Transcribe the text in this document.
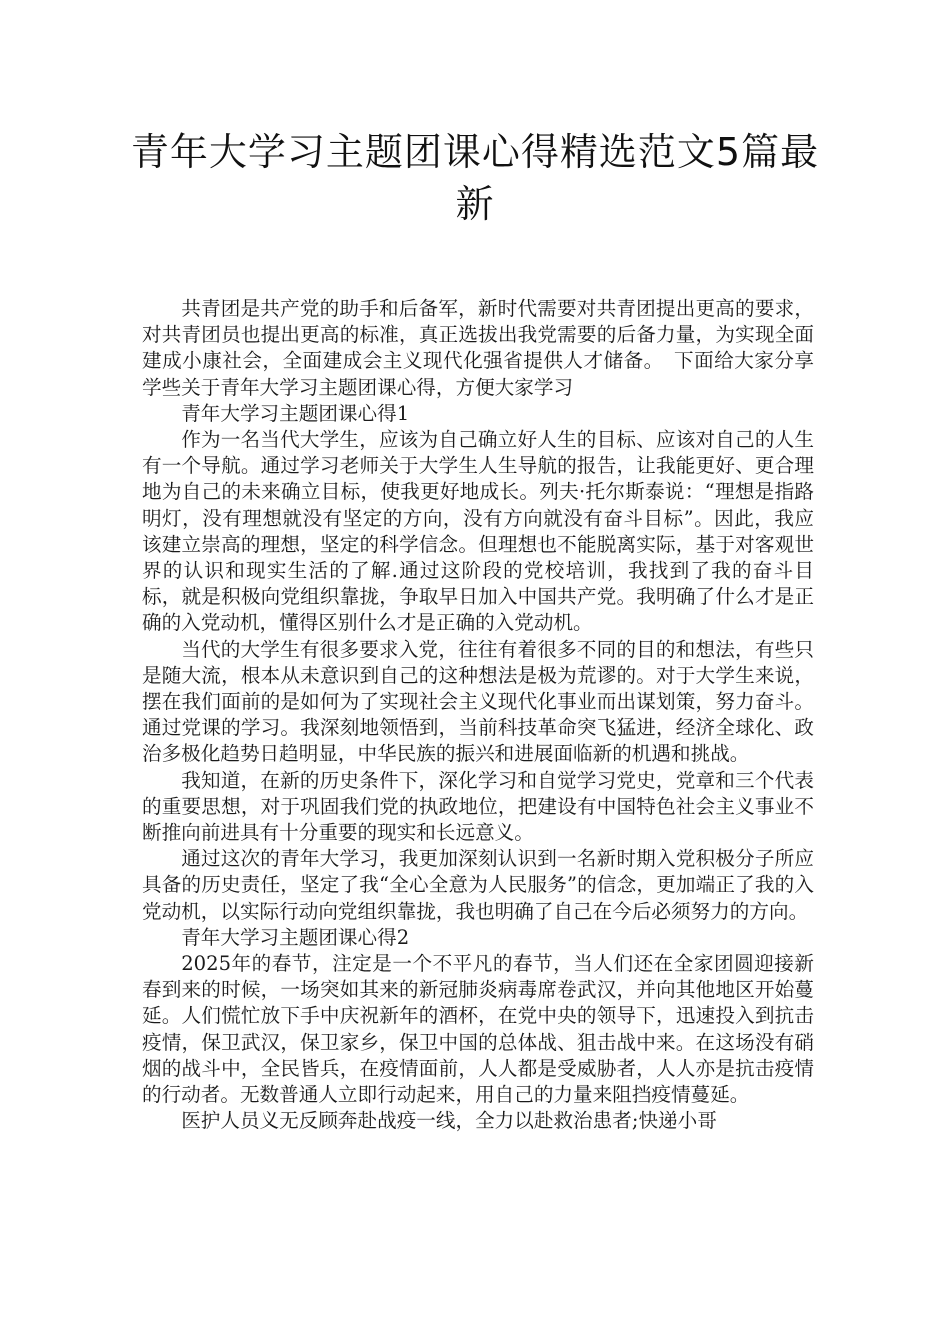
青年大学习主题团课心得精选范文5篇最新

共青团是共产党的助手和后备军，新时代需要对共青团提出更高的要求，对共青团员也提出更高的标准，真正选拔出我党需要的后备力量，为实现全面建成小康社会，全面建成会主义现代化强省提供人才储备。　下面给大家分享学些关于青年大学习主题团课心得，方便大家学习

青年大学习主题团课心得1

作为一名当代大学生，应该为自己确立好人生的目标、应该对自己的人生有一个导航。通过学习老师关于大学生人生导航的报告，让我能更好、更合理地为自己的未来确立目标，使我更好地成长。列夫·托尔斯泰说：“理想是指路明灯，没有理想就没有坚定的方向，没有方向就没有奋斗目标”。因此，我应该建立崇高的理想，坚定的科学信念。但理想也不能脱离实际，基于对客观世界的认识和现实生活的了解.通过这阶段的党校培训，我找到了我的奋斗目标，就是积极向党组织靠拢，争取早日加入中国共产党。我明确了什么才是正确的入党动机，懂得区别什么才是正确的入党动机。

当代的大学生有很多要求入党，往往有着很多不同的目的和想法，有些只是随大流，根本从未意识到自己的这种想法是极为荒谬的。对于大学生来说，摆在我们面前的是如何为了实现社会主义现代化事业而出谋划策，努力奋斗。通过党课的学习。我深刻地领悟到，当前科技革命突飞猛进，经济全球化、政治多极化趋势日趋明显，中华民族的振兴和进展面临新的机遇和挑战。

我知道，在新的历史条件下，深化学习和自觉学习党史，党章和三个代表的重要思想，对于巩固我们党的执政地位，把建设有中国特色社会主义事业不断推向前进具有十分重要的现实和长远意义。

通过这次的青年大学习，我更加深刻认识到一名新时期入党积极分子所应具备的历史责任，坚定了我“全心全意为人民服务”的信念，更加端正了我的入党动机，以实际行动向党组织靠拢，我也明确了自己在今后必须努力的方向。

青年大学习主题团课心得2

2025年的春节，注定是一个不平凡的春节，当人们还在全家团圆迎接新春到来的时候，一场突如其来的新冠肺炎病毒席卷武汉，并向其他地区开始蔓延。人们慌忙放下手中庆祝新年的酒杯，在党中央的领导下，迅速投入到抗击疫情，保卫武汉，保卫家乡，保卫中国的总体战、狙击战中来。在这场没有硝烟的战斗中，全民皆兵，在疫情面前，人人都是受威胁者，人人亦是抗击疫情的行动者。无数普通人立即行动起来，用自己的力量来阻挡疫情蔓延。

医护人员义无反顾奔赴战疫一线，全力以赴救治患者;快递小哥
